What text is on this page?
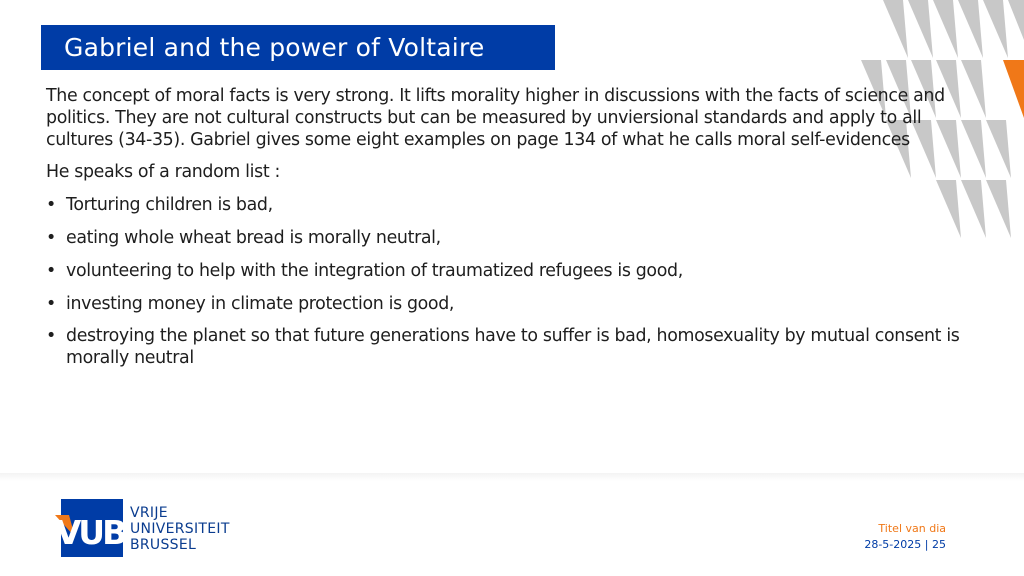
Gabriel and the power of Voltaire

The concept of moral facts is very strong. It lifts morality higher in discussions with the facts of science and politics. They are not cultural constructs but can be measured by unviersional standards and apply to all cultures (34-35). Gabriel gives some eight examples on page 134 of what he calls moral self-evidences

He speaks of a random list :

• Torturing children is bad,
• eating whole wheat bread is morally neutral,
• volunteering to help with the integration of traumatized refugees is good,
• investing money in climate protection is good,
• destroying the planet so that future generations have to suffer is bad, homosexuality by mutual consent is morally neutral
VUB VRIJE
UNIVERSITEIT
BRUSSEL
Titel van dia
28-5-2025 | 25
